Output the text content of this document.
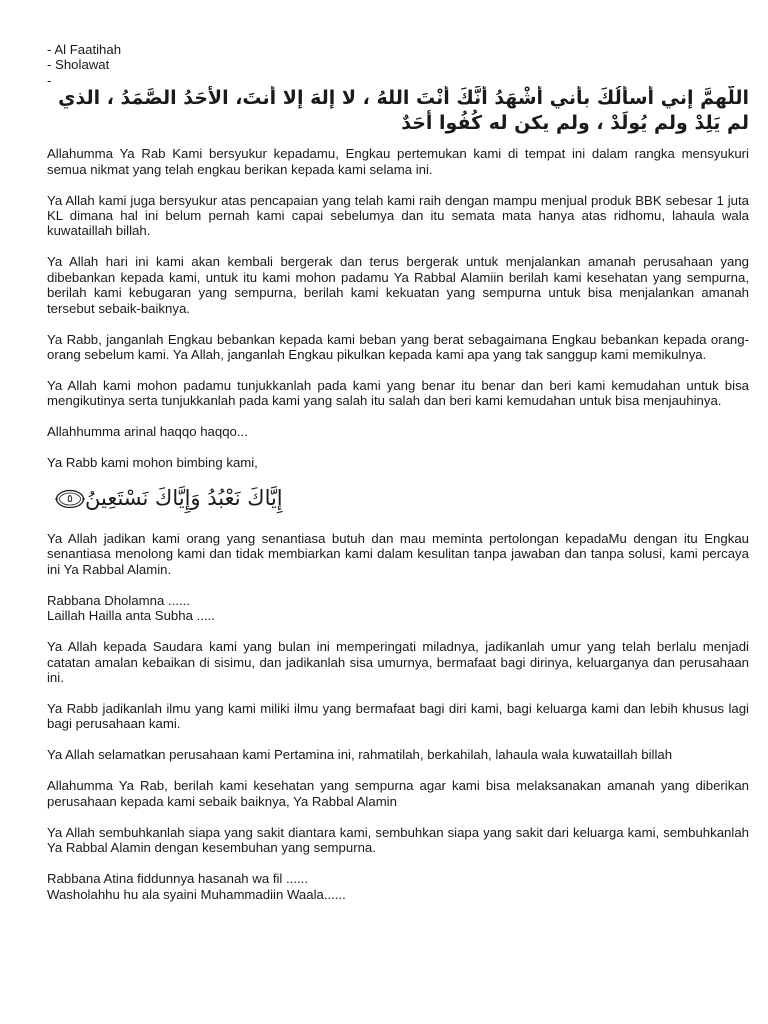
- Al Faatihah

- Sholawat

-

اللَّهمَّ إني أسأَلُكَ بأني أَشْهَدُ أنَّكَ أنْتَ اللهُ ، لا إلهَ إلا أنتَ، الأحَدُ الصَّمَدُ ، الذي لم يَلِدْ ولم يُولَدْ ، ولم يكن له كُفُوا أحَدٌ

Allahumma Ya Rab Kami bersyukur kepadamu, Engkau pertemukan kami di tempat ini dalam rangka mensyukuri semua nikmat yang telah engkau berikan kepada kami selama ini.

Ya Allah kami juga bersyukur atas pencapaian yang telah kami raih dengan mampu menjual produk BBK sebesar 1 juta KL dimana hal ini belum pernah kami capai sebelumya dan itu semata mata hanya atas ridhomu, lahaula wala kuwataillah billah.

Ya Allah hari ini kami akan kembali bergerak dan terus bergerak untuk menjalankan amanah perusahaan yang dibebankan kepada kami, untuk itu kami mohon padamu Ya Rabbal Alamiin berilah kami kesehatan yang sempurna, berilah kami kebugaran yang sempurna, berilah kami kekuatan yang sempurna untuk bisa menjalankan amanah tersebut sebaik-baiknya.

Ya Rabb, janganlah Engkau bebankan kepada kami beban yang berat sebagaimana Engkau bebankan kepada orang-orang sebelum kami. Ya Allah, janganlah Engkau pikulkan kepada kami apa yang tak sanggup kami memikulnya.

Ya Allah kami mohon padamu tunjukkanlah pada kami yang benar itu benar dan beri kami kemudahan untuk bisa mengikutinya serta tunjukkanlah pada kami yang salah itu salah dan beri kami kemudahan untuk bisa menjauhinya.

Allahhumma arinal haqqo haqqo...

Ya Rabb kami mohon bimbing kami,

إِيَّاكَ نَعْبُدُ وَإِيَّاكَ نَسْتَعِينُ
٥

Ya Allah jadikan kami orang yang senantiasa butuh dan mau meminta pertolongan kepadaMu dengan itu Engkau senantiasa menolong kami dan tidak membiarkan kami dalam kesulitan tanpa jawaban dan tanpa solusi, kami percaya ini Ya Rabbal Alamin.

Rabbana Dholamna ......

Laillah Hailla anta Subha .....

Ya Allah kepada Saudara kami yang bulan ini memperingati miladnya, jadikanlah umur yang telah berlalu menjadi catatan amalan kebaikan di sisimu, dan jadikanlah sisa umurnya, bermafaat bagi dirinya, keluarganya dan perusahaan ini.

Ya Rabb jadikanlah ilmu yang kami miliki ilmu yang bermafaat bagi diri kami, bagi keluarga kami dan lebih khusus lagi bagi perusahaan kami.

Ya Allah selamatkan perusahaan kami Pertamina ini, rahmatilah, berkahilah, lahaula wala kuwataillah billah

Allahumma Ya Rab, berilah kami kesehatan yang sempurna agar kami bisa melaksanakan amanah yang diberikan perusahaan kepada kami sebaik baiknya, Ya Rabbal Alamin

Ya Allah sembuhkanlah siapa yang sakit diantara kami, sembuhkan siapa yang sakit dari keluarga kami, sembuhkanlah Ya Rabbal Alamin dengan kesembuhan yang sempurna.

Rabbana Atina fiddunnya hasanah wa fil ......

Washolahhu hu ala syaini Muhammadiin Waala......
